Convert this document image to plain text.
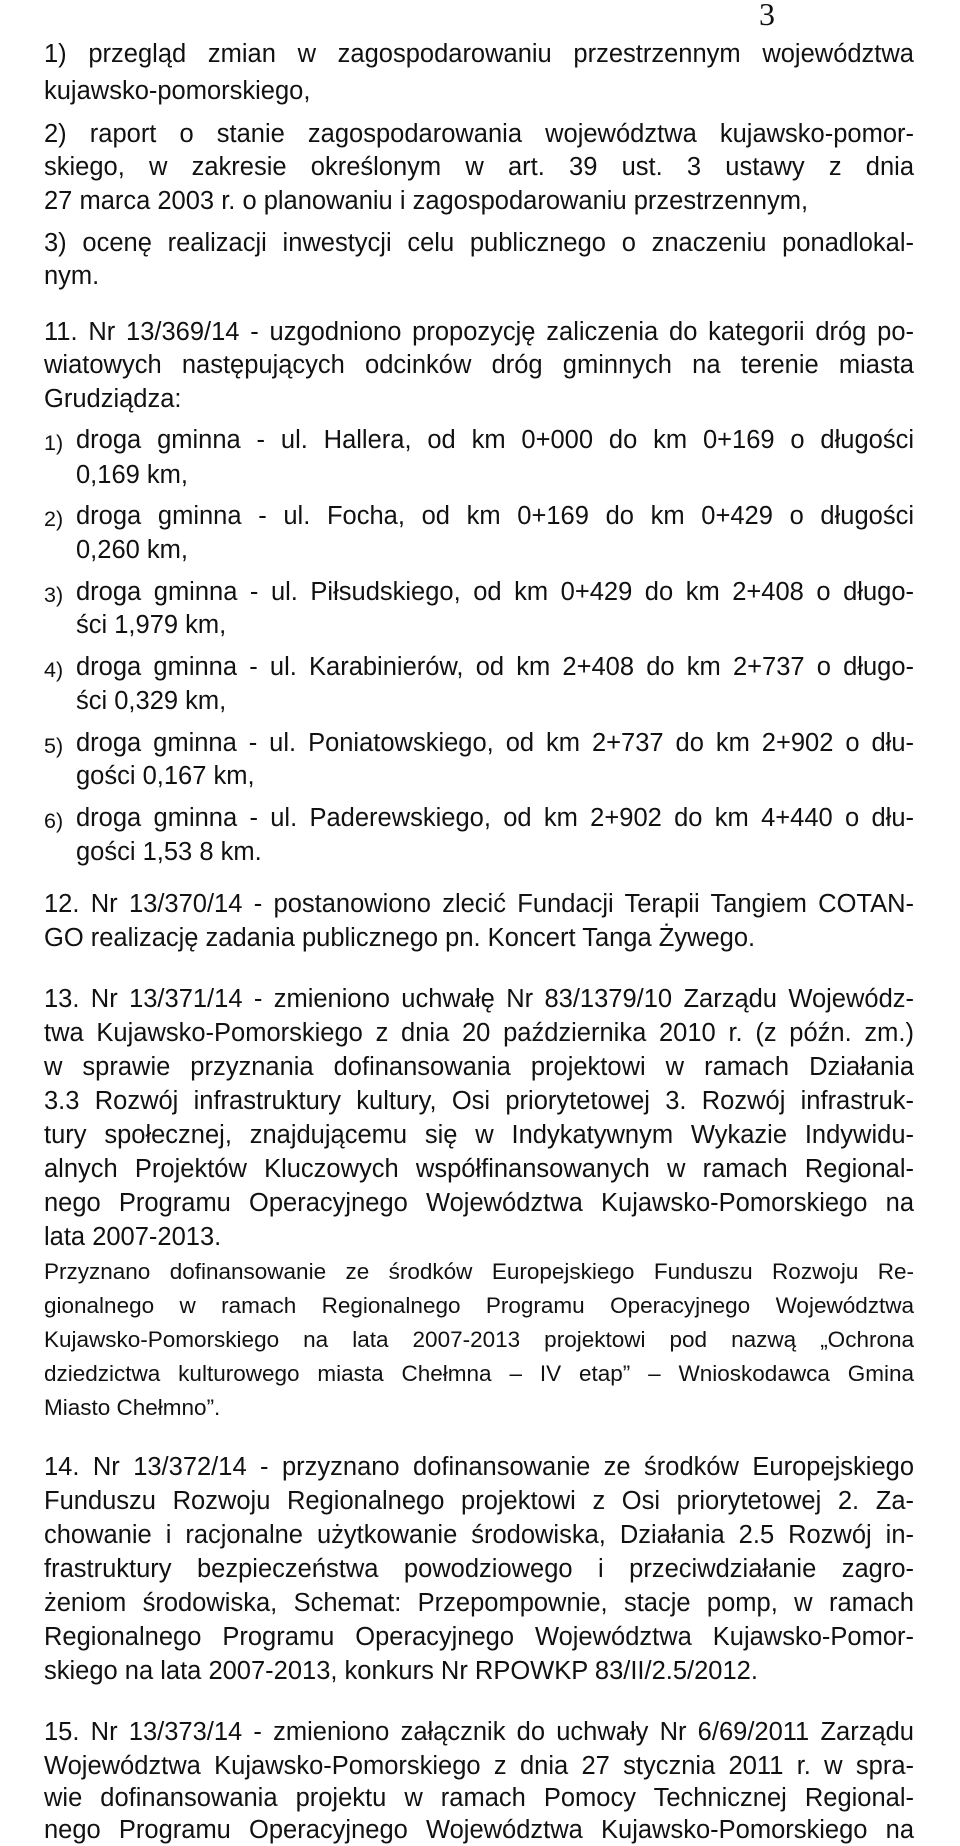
3
1) przegląd zmian w zagospodarowaniu przestrzennym województwa
kujawsko-pomorskiego,
2) raport o stanie zagospodarowania województwa kujawsko-pomor-
skiego, w zakresie określonym w art. 39 ust. 3 ustawy z dnia
27 marca 2003 r. o planowaniu i zagospodarowaniu przestrzennym,
3) ocenę realizacji inwestycji celu publicznego o znaczeniu ponadlokal-
nym.
11. Nr 13/369/14 - uzgodniono propozycję zaliczenia do kategorii dróg po-
wiatowych następujących odcinków dróg gminnych na terenie miasta
Grudziądza:
1) droga gminna - ul. Hallera, od km 0+000 do km 0+169 o długości
0,169 km,
2) droga gminna - ul. Focha, od km 0+169 do km 0+429 o długości
0,260 km,
3) droga gminna - ul. Piłsudskiego, od km 0+429 do km 2+408 o długo-
ści 1,979 km,
4) droga gminna - ul. Karabinierów, od km 2+408 do km 2+737 o długo-
ści 0,329 km,
5) droga gminna - ul. Poniatowskiego, od km 2+737 do km 2+902 o dłu-
gości 0,167 km,
6) droga gminna - ul. Paderewskiego, od km 2+902 do km 4+440 o dłu-
gości 1,53 8 km.
12. Nr 13/370/14 - postanowiono zlecić Fundacji Terapii Tangiem COTAN-
GO realizację zadania publicznego pn. Koncert Tanga Żywego.
13. Nr 13/371/14 - zmieniono uchwałę Nr 83/1379/10 Zarządu Wojewódz-
twa Kujawsko-Pomorskiego z dnia 20 października 2010 r. (z późn. zm.)
w sprawie przyznania dofinansowania projektowi w ramach Działania
3.3 Rozwój infrastruktury kultury, Osi priorytetowej 3. Rozwój infrastruk-
tury społecznej, znajdującemu się w Indykatywnym Wykazie Indywidu-
alnych Projektów Kluczowych współfinansowanych w ramach Regional-
nego Programu Operacyjnego Województwa Kujawsko-Pomorskiego na
lata 2007-2013.
Przyznano dofinansowanie ze środków Europejskiego Funduszu Rozwoju Re-
gionalnego w ramach Regionalnego Programu Operacyjnego Województwa
Kujawsko-Pomorskiego na lata 2007-2013 projektowi pod nazwą „Ochrona
dziedzictwa kulturowego miasta Chełmna – IV etap” – Wnioskodawca Gmina
Miasto Chełmno”.
14. Nr 13/372/14 - przyznano dofinansowanie ze środków Europejskiego
Funduszu Rozwoju Regionalnego projektowi z Osi priorytetowej 2. Za-
chowanie i racjonalne użytkowanie środowiska, Działania 2.5 Rozwój in-
frastruktury bezpieczeństwa powodziowego i przeciwdziałanie zagro-
żeniom środowiska, Schemat: Przepompownie, stacje pomp, w ramach
Regionalnego Programu Operacyjnego Województwa Kujawsko-Pomor-
skiego na lata 2007-2013, konkurs Nr RPOWKP 83/II/2.5/2012.
15. Nr 13/373/14 - zmieniono załącznik do uchwały Nr 6/69/2011 Zarządu
Województwa Kujawsko-Pomorskiego z dnia 27 stycznia 2011 r. w spra-
wie dofinansowania projektu w ramach Pomocy Technicznej Regional-
nego Programu Operacyjnego Województwa Kujawsko-Pomorskiego na
